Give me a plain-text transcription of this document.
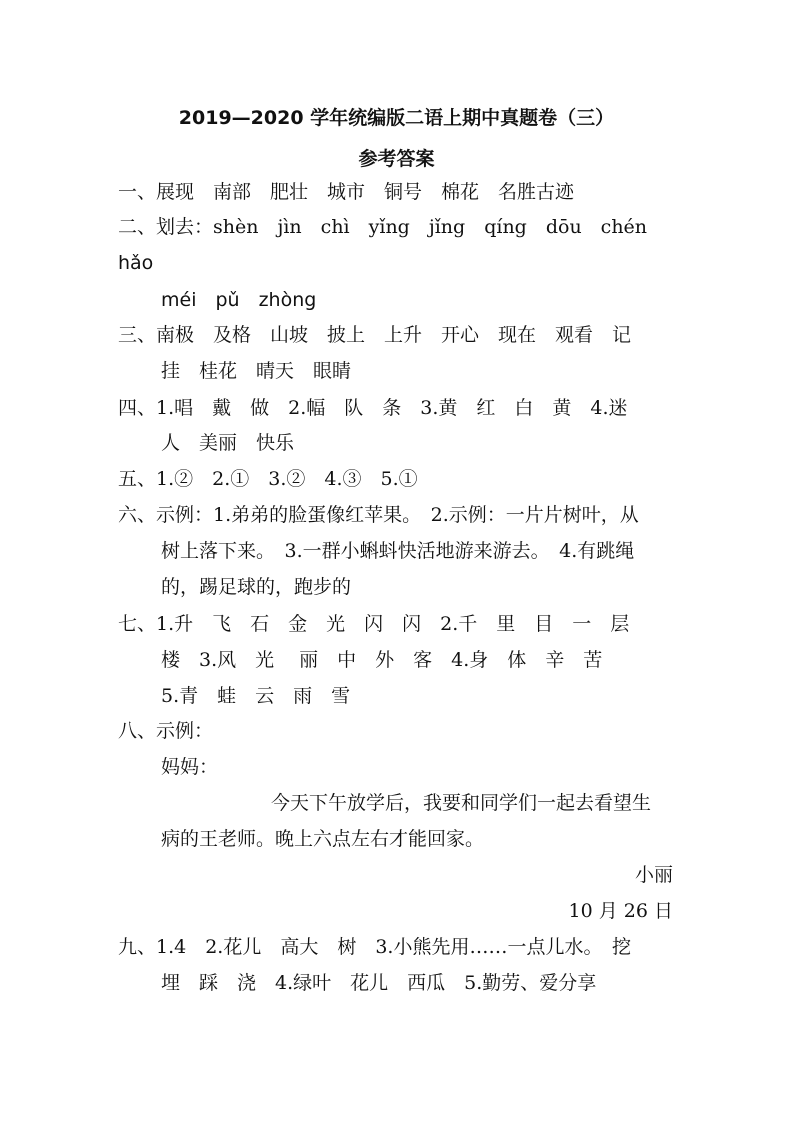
2019—2020 学年统编版二语上期中真题卷（三）
参考答案
一、展现　南部　肥壮　城市　铜号　棉花　名胜古迹
二、划去：shèn　jìn　chì　yǐng　jǐng　qíng　dōu　chén
hǎo
méi　pǔ　zhòng
三、南极　及格　山坡　披上　上升　开心　现在　观看　记
挂　桂花　晴天　眼睛
四、1.唱　戴　做　2.幅　队　条　3.黄　红　白　黄　4.迷
人　美丽　快乐
五、1.②　2.①　3.②　4.③　5.①
六、示例：1.弟弟的脸蛋像红苹果。　2.示例：一片片树叶，从
树上落下来。　3.一群小蝌蚪快活地游来游去。　4.有跳绳
的，踢足球的，跑步的
七、1.升　飞　石　金　光　闪　闪　2.千　里　目　一　层
楼　3.风　光　 丽　中　外　客　4.身　体　辛　苦
5.青　蛙　云　雨　雪
八、示例：
妈妈：
今天下午放学后，我要和同学们一起去看望生
病的王老师。晚上六点左右才能回家。
小丽
10 月 26 日
九、1.4　2.花儿　高大　树　3.小熊先用……一点儿水。　挖
埋　踩　浇　4.绿叶　花儿　西瓜　5.勤劳、爱分享
